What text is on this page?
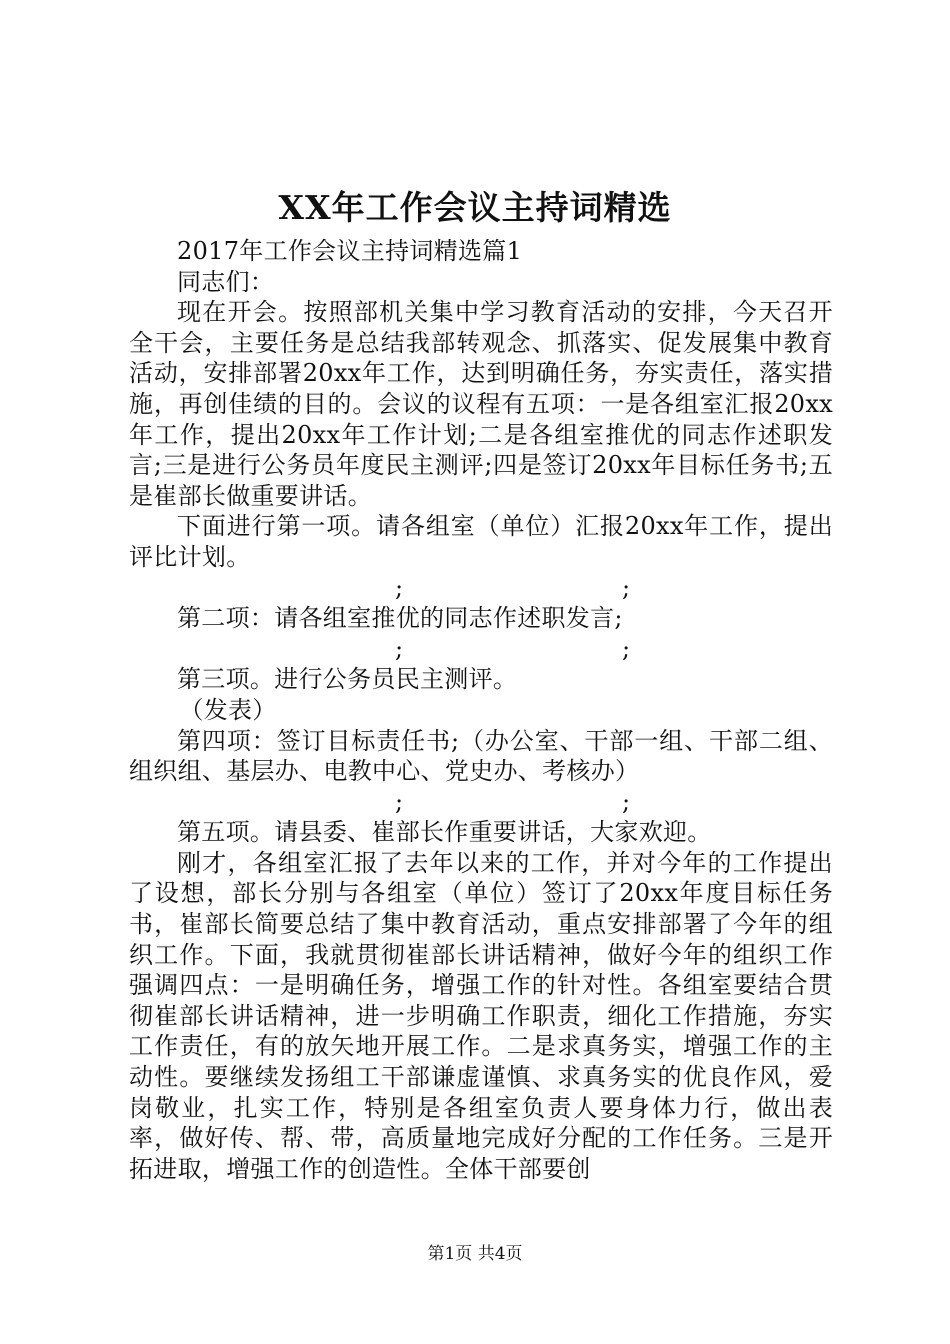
XX年工作会议主持词精选

2017年工作会议主持词精选篇1

同志们：

现在开会。按照部机关集中学习教育活动的安排，今天召开全干会，主要任务是总结我部转观念、抓落实、促发展集中教育活动，安排部署20xx年工作，达到明确任务，夯实责任，落实措施，再创佳绩的目的。会议的议程有五项：一是各组室汇报20xx年工作，提出20xx年工作计划;二是各组室推优的同志作述职发言;三是进行公务员年度民主测评;四是签订20xx年目标任务书;五是崔部长做重要讲话。

下面进行第一项。请各组室（单位）汇报20xx年工作，提出评比计划。

;	;

第二项：请各组室推优的同志作述职发言;

;	;

第三项。进行公务员民主测评。

（发表）

第四项：签订目标责任书;（办公室、干部一组、干部二组、组织组、基层办、电教中心、党史办、考核办）

;	;

第五项。请县委、崔部长作重要讲话，大家欢迎。

刚才，各组室汇报了去年以来的工作，并对今年的工作提出了设想，部长分别与各组室（单位）签订了20xx年度目标任务书，崔部长简要总结了集中教育活动，重点安排部署了今年的组织工作。下面，我就贯彻崔部长讲话精神，做好今年的组织工作强调四点：一是明确任务，增强工作的针对性。各组室要结合贯彻崔部长讲话精神，进一步明确工作职责，细化工作措施，夯实工作责任，有的放矢地开展工作。二是求真务实，增强工作的主动性。要继续发扬组工干部谦虚谨慎、求真务实的优良作风，爱岗敬业，扎实工作，特别是各组室负责人要身体力行，做出表率，做好传、帮、带，高质量地完成好分配的工作任务。三是开拓进取，增强工作的创造性。全体干部要创

第1页 共4页
